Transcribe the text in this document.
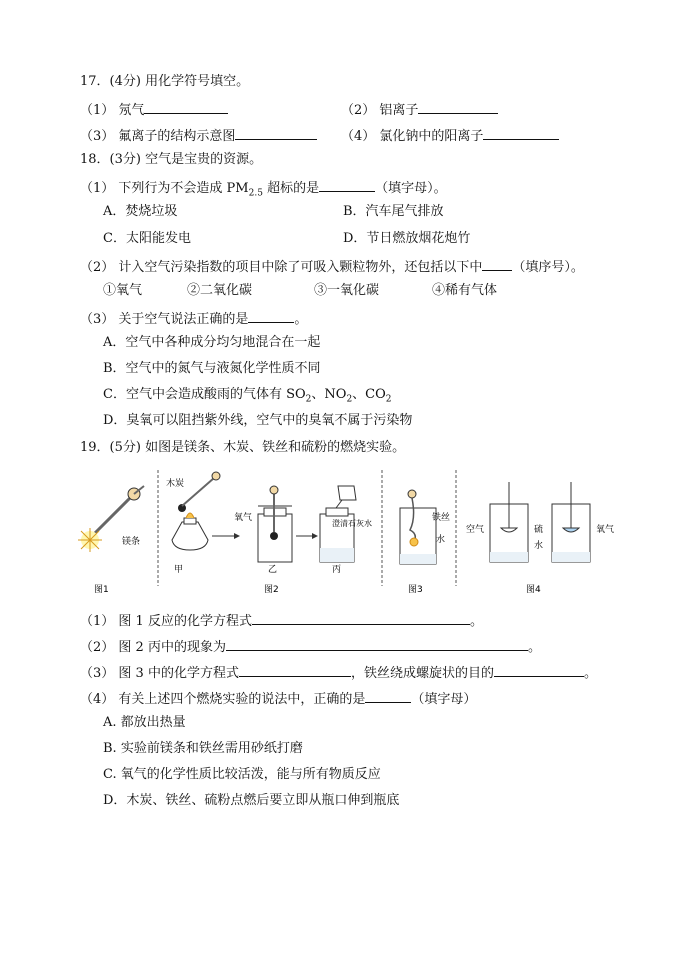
17．(4分) 用化学符号填空。
（1） 氖气	（2） 铝离子
（3） 氟离子的结构示意图	（4） 氯化钠中的阳离子
18．(3分) 空气是宝贵的资源。
（1） 下列行为不会造成 $PM_{2.5}$ 超标的是	（填字母）。
A．焚烧垃圾	B．汽车尾气排放
C．太阳能发电	D．节日燃放烟花炮竹
（2） 计入空气污染指数的项目中除了可吸入颗粒物外，还包括以下中 （填序号）。
①氧气	②二氧化碳	③一氧化碳	④稀有气体
（3） 关于空气说法正确的是	。
A．空气中各种成分均匀地混合在一起
B．空气中的氮气与液氮化学性质不同
C．空气中会造成酸雨的气体有 $SO_2$、$NO_2$、$CO_2$
D．臭氧可以阻挡紫外线，空气中的臭氧不属于污染物
19．(5分) 如图是镁条、木炭、铁丝和硫粉的燃烧实验。
镁条
木炭
氧气
澄清石灰水
甲	乙	丙
铁丝
水
空气	硫
水
氧气
图1	图2	图3	图4
（1） 图 1 反应的化学方程式	。
（2） 图 2 丙中的现象为	。
（3） 图 3 中的化学方程式	，铁丝绕成螺旋状的目的	。
（4） 有关上述四个燃烧实验的说法中，正确的是	（填字母）
A. 都放出热量
B. 实验前镁条和铁丝需用砂纸打磨
C. 氧气的化学性质比较活泼，能与所有物质反应
D．木炭、铁丝、硫粉点燃后要立即从瓶口伸到瓶底
